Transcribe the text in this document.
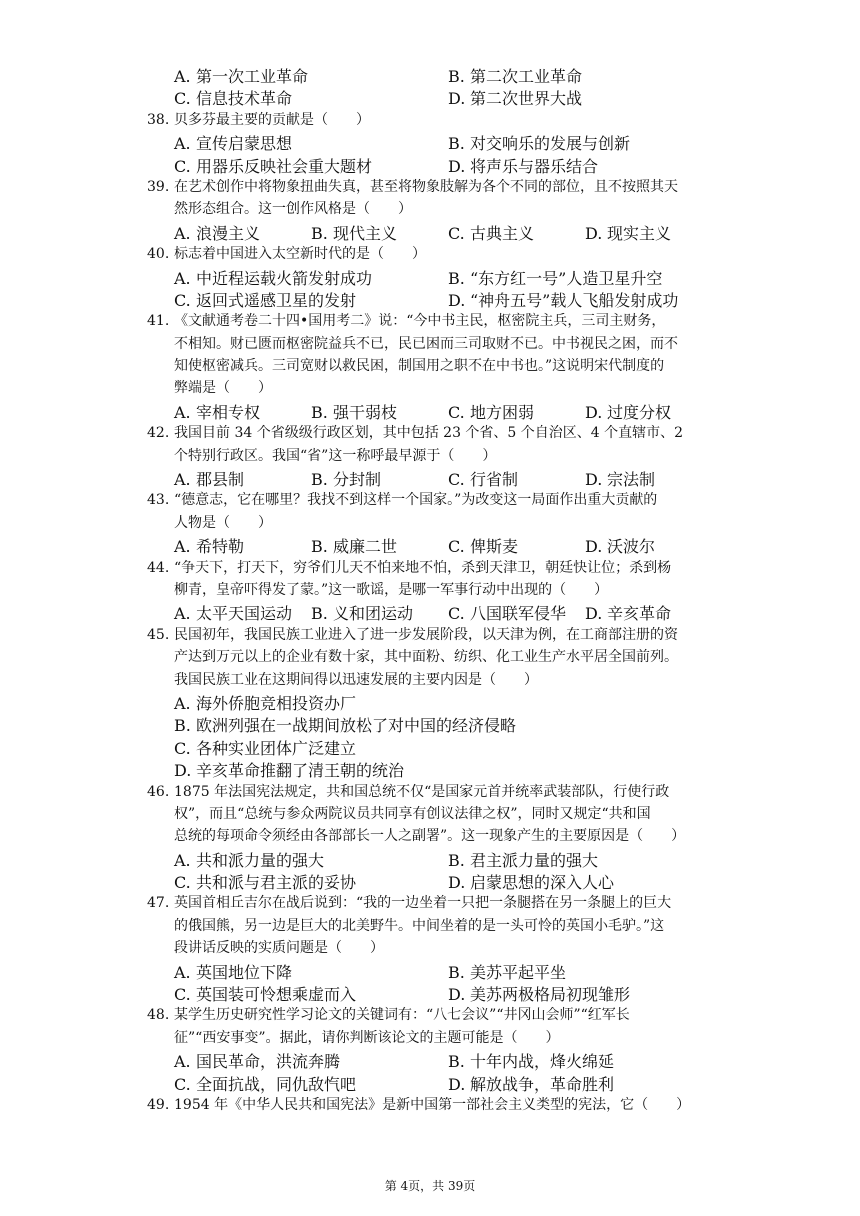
A. 第一次工业革命	B. 第二次工业革命
C. 信息技术革命	D. 第二次世界大战
38. 贝多芬最主要的贡献是（　　）
A. 宣传启蒙思想	B. 对交响乐的发展与创新
C. 用器乐反映社会重大题材	D. 将声乐与器乐结合
39. 在艺术创作中将物象扭曲失真，甚至将物象肢解为各个不同的部位，且不按照其天
然形态组合。这一创作风格是（　　）
A. 浪漫主义	B. 现代主义	C. 古典主义	D. 现实主义
40. 标志着中国进入太空新时代的是（　　）
A. 中近程运载火箭发射成功	B. “东方红一号”人造卫星升空
C. 返回式遥感卫星的发射	D. “神舟五号”载人飞船发射成功
41. 《文献通考卷二十四•国用考二》说：“今中书主民，枢密院主兵，三司主财务，
不相知。财已匮而枢密院益兵不已，民已困而三司取财不已。中书视民之困，而不
知使枢密减兵。三司宽财以救民困，制国用之职不在中书也。”这说明宋代制度的
弊端是（　　）
A. 宰相专权	B. 强干弱枝	C. 地方困弱	D. 过度分权
42. 我国目前 34 个省级级行政区划，其中包括 23 个省、5 个自治区、4 个直辖市、2
个特别行政区。我国“省”这一称呼最早源于（　　）
A. 郡县制	B. 分封制	C. 行省制	D. 宗法制
43. “德意志，它在哪里？我找不到这样一个国家。”为改变这一局面作出重大贡献的
人物是（　　）
A. 希特勒	B. 威廉二世	C. 俾斯麦	D. 沃波尔
44. “争天下，打天下，穷爷们儿天不怕来地不怕，杀到天津卫，朝廷快让位；杀到杨
柳青，皇帝吓得发了蒙。”这一歌谣，是哪一军事行动中出现的（　　）
A. 太平天国运动 B. 义和团运动 C. 八国联军侵华 D. 辛亥革命
45. 民国初年，我国民族工业进入了进一步发展阶段，以天津为例，在工商部注册的资
产达到万元以上的企业有数十家，其中面粉、纺织、化工业生产水平居全国前列。
我国民族工业在这期间得以迅速发展的主要内因是（　　）
A. 海外侨胞竞相投资办厂
B. 欧洲列强在一战期间放松了对中国的经济侵略
C. 各种实业团体广泛建立
D. 辛亥革命推翻了清王朝的统治
46. 1875 年法国宪法规定，共和国总统不仅“是国家元首并统率武装部队，行使行政
权”，而且“总统与参众两院议员共同享有创议法律之权”，同时又规定“共和国
总统的每项命令须经由各部部长一人之副署”。这一现象产生的主要原因是（　　）
A. 共和派力量的强大	B. 君主派力量的强大
C. 共和派与君主派的妥协	D. 启蒙思想的深入人心
47. 英国首相丘吉尔在战后说到：“我的一边坐着一只把一条腿搭在另一条腿上的巨大
的俄国熊，另一边是巨大的北美野牛。中间坐着的是一头可怜的英国小毛驴。”这
段讲话反映的实质问题是（　　）
A. 英国地位下降	B. 美苏平起平坐
C. 英国装可怜想乘虚而入	D. 美苏两极格局初现雏形
48. 某学生历史研究性学习论文的关键词有：“八七会议”“井冈山会师”“红军长
征”“西安事变”。据此，请你判断该论文的主题可能是（　　）
A. 国民革命，洪流奔腾	B. 十年内战，烽火绵延
C. 全面抗战，同仇敌忾吧	D. 解放战争，革命胜利
49. 1954 年《中华人民共和国宪法》是新中国第一部社会主义类型的宪法，它（　　）
第 4页，共 39页
